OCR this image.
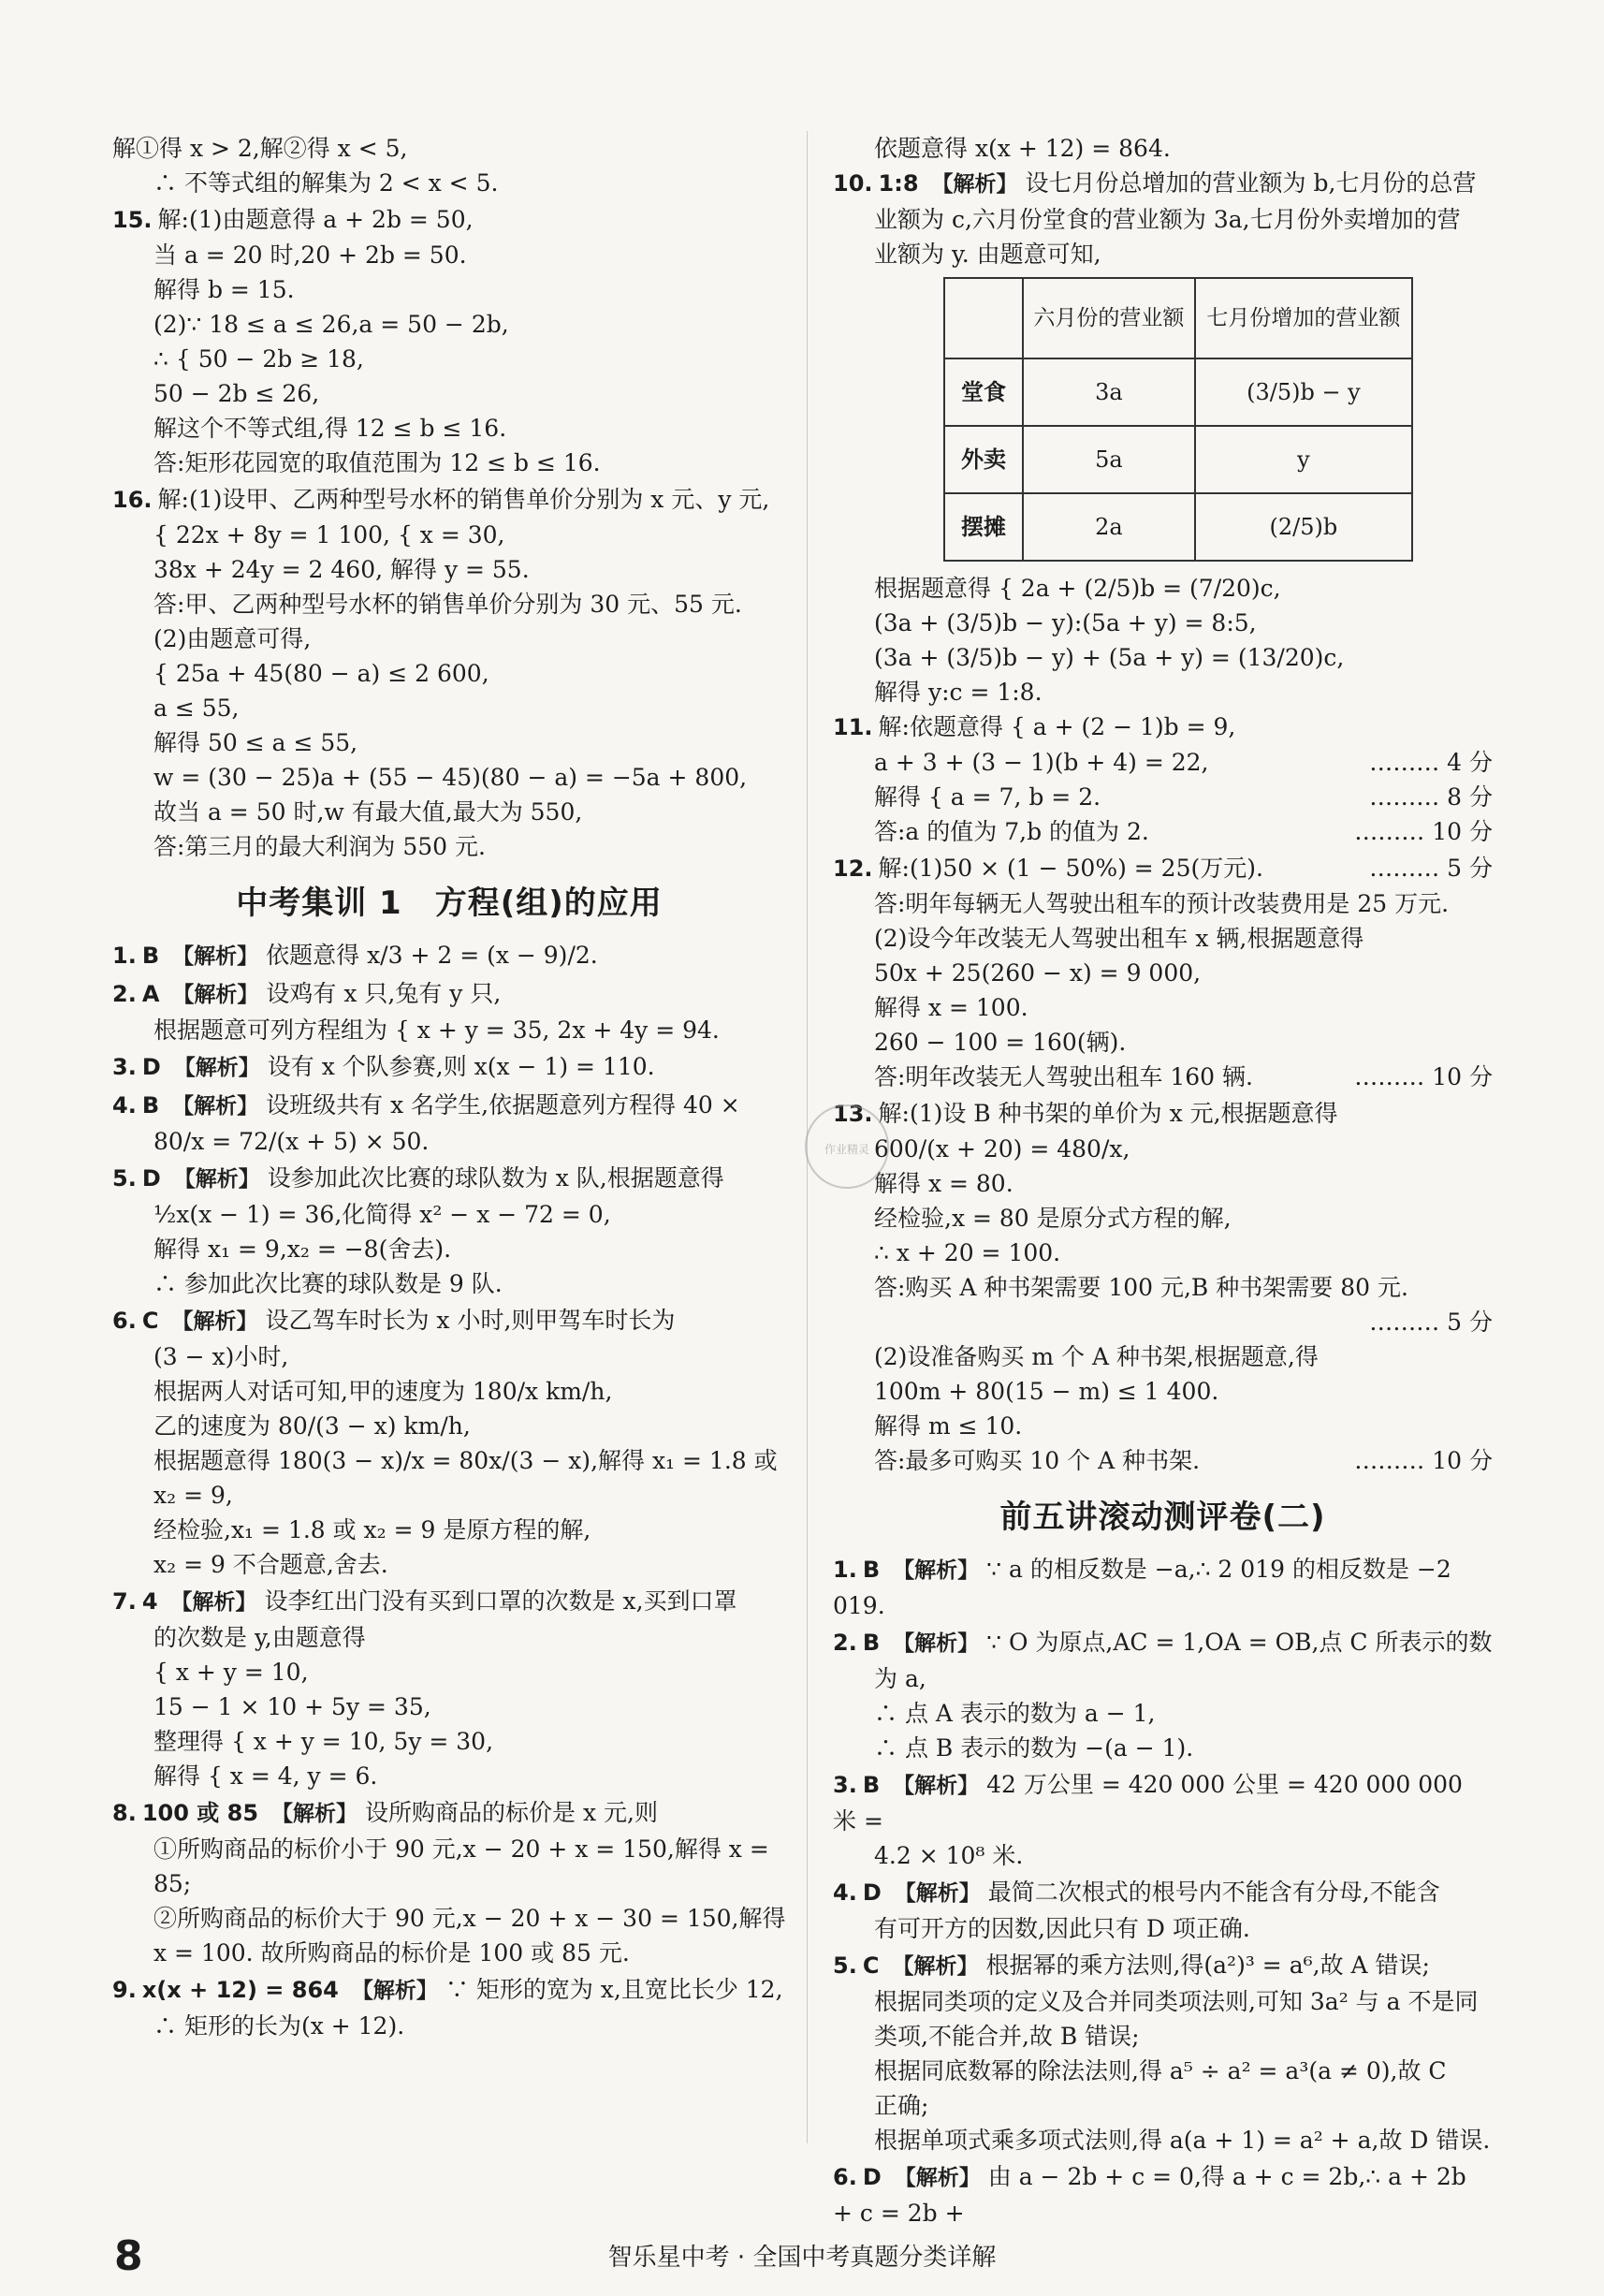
解①得 x > 2,解②得 x < 5,
∴ 不等式组的解集为 2 < x < 5.
15. 解:(1)由题意得 a + 2b = 50,
当 a = 20 时,20 + 2b = 50.
解得 b = 15.
(2)∵ 18 ≤ a ≤ 26,a = 50 − 2b,
∴ { 50 − 2b ≥ 18,
50 − 2b ≤ 26,
解这个不等式组,得 12 ≤ b ≤ 16.
答:矩形花园宽的取值范围为 12 ≤ b ≤ 16.
16. 解:(1)设甲、乙两种型号水杯的销售单价分别为 x 元、y 元,
{ 22x + 8y = 1 100, { x = 30,
38x + 24y = 2 460, 解得 y = 55.
答:甲、乙两种型号水杯的销售单价分别为 30 元、55 元.
(2)由题意可得,
{ 25a + 45(80 − a) ≤ 2 600,
a ≤ 55,
解得 50 ≤ a ≤ 55,
w = (30 − 25)a + (55 − 45)(80 − a) = −5a + 800,
故当 a = 50 时,w 有最大值,最大为 550,
答:第三月的最大利润为 550 元.
中考集训 1　方程(组)的应用
1. B 【解析】 依题意得 x/3 + 2 = (x − 9)/2.
2. A 【解析】 设鸡有 x 只,兔有 y 只,
根据题意可列方程组为 { x + y = 35, 2x + 4y = 94.
3. D 【解析】 设有 x 个队参赛,则 x(x − 1) = 110.
4. B 【解析】 设班级共有 x 名学生,依据题意列方程得 40 ×
80/x = 72/(x + 5) × 50.
5. D 【解析】 设参加此次比赛的球队数为 x 队,根据题意得
½x(x − 1) = 36,化简得 x² − x − 72 = 0,
解得 x₁ = 9,x₂ = −8(舍去).
∴ 参加此次比赛的球队数是 9 队.
6. C 【解析】 设乙驾车时长为 x 小时,则甲驾车时长为
(3 − x)小时,
根据两人对话可知,甲的速度为 180/x km/h,
乙的速度为 80/(3 − x) km/h,
根据题意得 180(3 − x)/x = 80x/(3 − x),解得 x₁ = 1.8 或 x₂ = 9,
经检验,x₁ = 1.8 或 x₂ = 9 是原方程的解,
x₂ = 9 不合题意,舍去.
7. 4 【解析】 设李红出门没有买到口罩的次数是 x,买到口罩
的次数是 y,由题意得
{ x + y = 10,
15 − 1 × 10 + 5y = 35,
整理得 { x + y = 10, 5y = 30,
解得 { x = 4, y = 6.
8. 100 或 85 【解析】 设所购商品的标价是 x 元,则
①所购商品的标价小于 90 元,x − 20 + x = 150,解得 x = 85;
②所购商品的标价大于 90 元,x − 20 + x − 30 = 150,解得
x = 100. 故所购商品的标价是 100 或 85 元.
9. x(x + 12) = 864 【解析】 ∵ 矩形的宽为 x,且宽比长少 12,
∴ 矩形的长为(x + 12).
依题意得 x(x + 12) = 864.
10. 1:8 【解析】 设七月份总增加的营业额为 b,七月份的总营
业额为 c,六月份堂食的营业额为 3a,七月份外卖增加的营
业额为 y. 由题意可知,
	六月份的营业额	七月份增加的营业额
堂食	3a	(3/5)b − y
外卖	5a	y
摆摊	2a	(2/5)b
根据题意得 { 2a + (2/5)b = (7/20)c,
(3a + (3/5)b − y):(5a + y) = 8:5,
(3a + (3/5)b − y) + (5a + y) = (13/20)c,
解得 y:c = 1:8.
11. 解:依题意得 { a + (2 − 1)b = 9,
……… 4 分
a + 3 + (3 − 1)(b + 4) = 22,
……… 8 分
解得 { a = 7, b = 2.
……… 10 分
答:a 的值为 7,b 的值为 2.
12.	……… 5 分
解:(1)50 × (1 − 50%) = 25(万元).
答:明年每辆无人驾驶出租车的预计改装费用是 25 万元.
(2)设今年改装无人驾驶出租车 x 辆,根据题意得
50x + 25(260 − x) = 9 000,
解得 x = 100.
260 − 100 = 160(辆).
……… 10 分
答:明年改装无人驾驶出租车 160 辆.
13. 解:(1)设 B 种书架的单价为 x 元,根据题意得
600/(x + 20) = 480/x,
解得 x = 80.
经检验,x = 80 是原分式方程的解,
∴ x + 20 = 100.
答:购买 A 种书架需要 100 元,B 种书架需要 80 元.
……… 5 分
(2)设准备购买 m 个 A 种书架,根据题意,得
100m + 80(15 − m) ≤ 1 400.
解得 m ≤ 10.
……… 10 分
答:最多可购买 10 个 A 种书架.
前五讲滚动测评卷(二)
1. B 【解析】 ∵ a 的相反数是 −a,∴ 2 019 的相反数是 −2 019.
2. B 【解析】 ∵ O 为原点,AC = 1,OA = OB,点 C 所表示的数
为 a,
∴ 点 A 表示的数为 a − 1,
∴ 点 B 表示的数为 −(a − 1).
3. B 【解析】 42 万公里 = 420 000 公里 = 420 000 000 米 =
4.2 × 10⁸ 米.
4. D 【解析】 最简二次根式的根号内不能含有分母,不能含
有可开方的因数,因此只有 D 项正确.
5. C 【解析】 根据幂的乘方法则,得(a²)³ = a⁶,故 A 错误;
根据同类项的定义及合并同类项法则,可知 3a² 与 a 不是同
类项,不能合并,故 B 错误;
根据同底数幂的除法法则,得 a⁵ ÷ a² = a³(a ≠ 0),故 C
正确;
根据单项式乘多项式法则,得 a(a + 1) = a² + a,故 D 错误.
6. D 【解析】 由 a − 2b + c = 0,得 a + c = 2b,∴ a + 2b + c = 2b +
作业精灵
8	智乐星中考 · 全国中考真题分类详解
